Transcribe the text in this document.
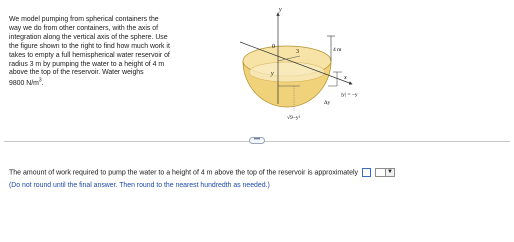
We model pumping from spherical containers the
way we do from other containers, with the axis of
integration along the vertical axis of the sphere. Use
the figure shown to the right to find how much work it
takes to empty a full hemispherical water reservoir of
radius 3 m by pumping the water to a height of 4 m
above the top of the reservoir. Water weighs
9800 $N/m^3$.
y
0
3	4 m
x
y
|y| = −y
Δy
√9−y²
•••
The amount of work required to pump the water to a height of 4 m above the top of the reservoir is approximately	▼
(Do not round until the final answer. Then round to the nearest hundredth as needed.)
